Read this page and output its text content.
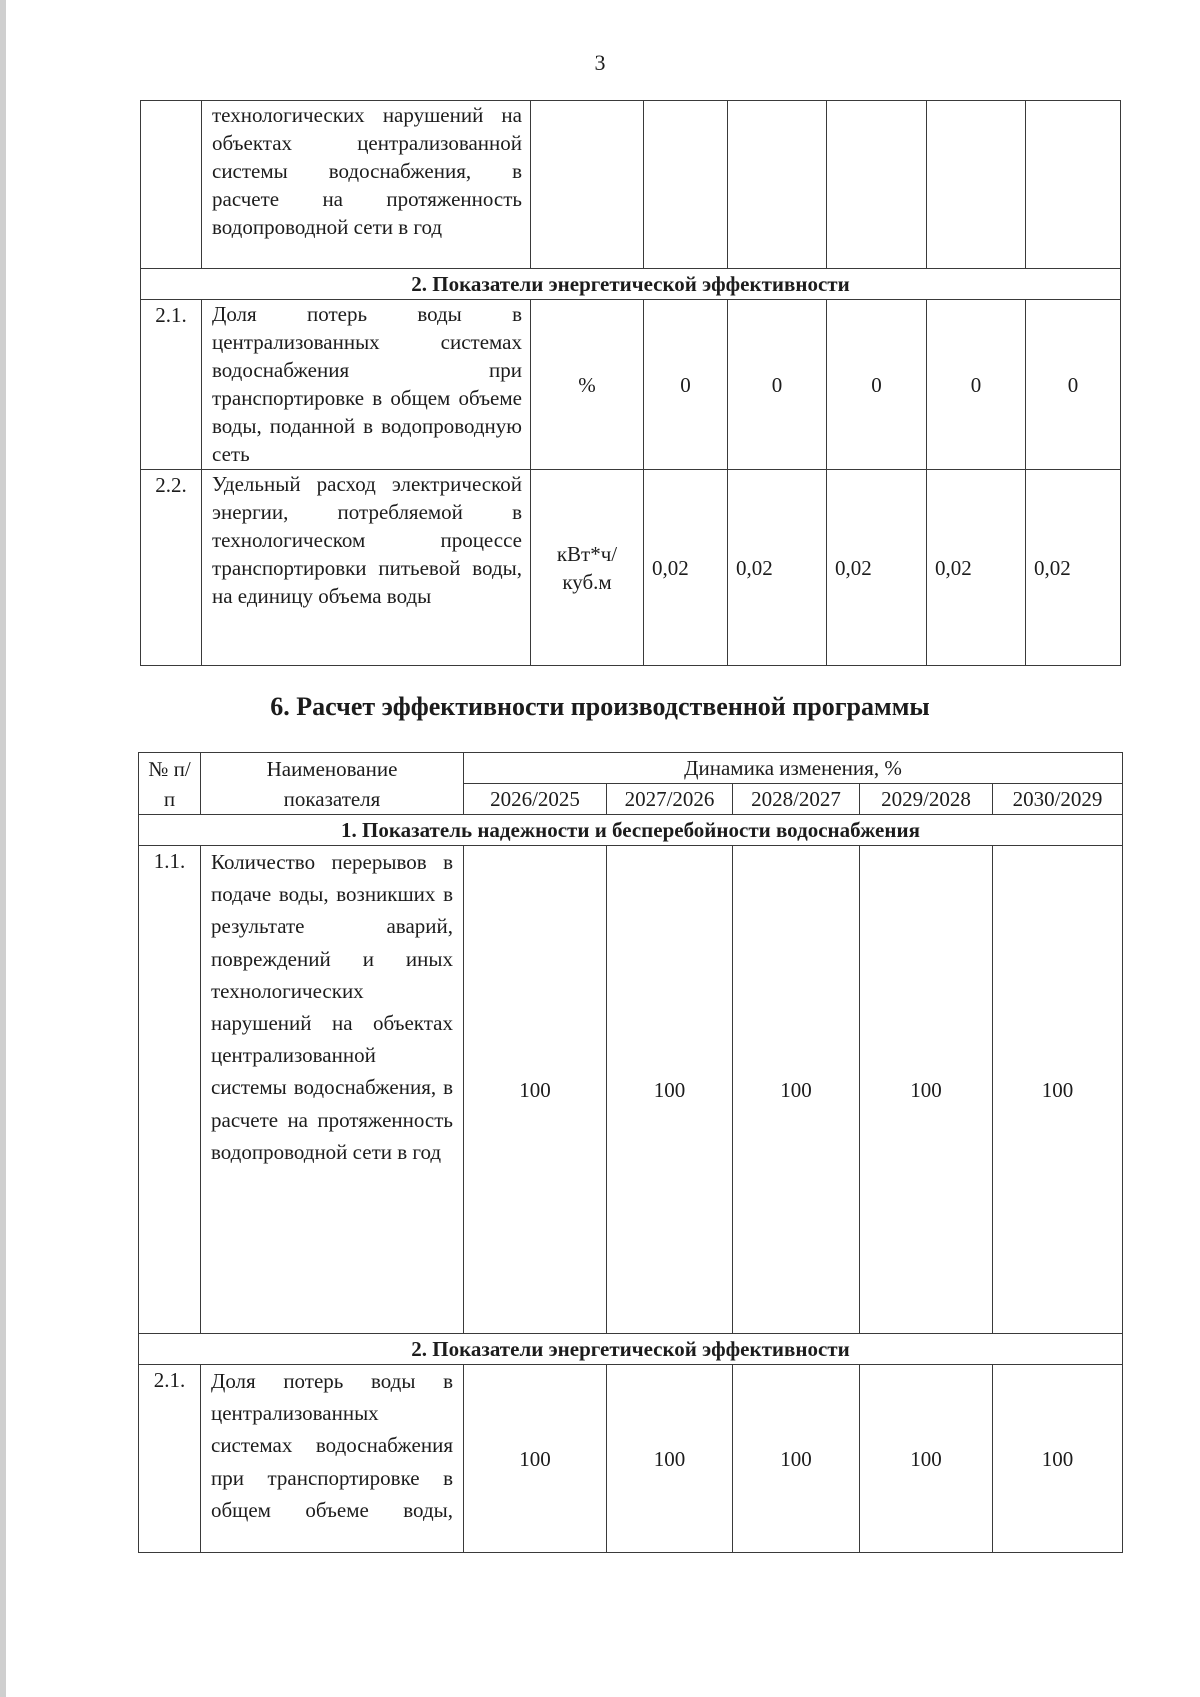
3
	технологических нарушений на объектах централизованной системы водоснабжения, в расчете на протяженность водопроводной сети в год						
2. Показатели энергетической эффективности							
2.1.	Доля потерь воды в централизованных системах водоснабжения при транспортировке в общем объеме воды, поданной в водопроводную сеть	%	0	0	0	0	0
2.2.	Удельный расход электрической энергии, потребляемой в технологическом процессе транспортировки питьевой воды, на единицу объема воды	кВт*ч/ куб.м	0,02	0,02	0,02	0,02	0,02
6. Расчет эффективности производственной программы
№ п/п	Наименование показателя	Динамика изменения, %				
		2026/2025	2027/2026	2028/2027	2029/2028	2030/2029
1. Показатель надежности и бесперебойности водоснабжения						
1.1.	Количество перерывов в подаче воды, возникших в результате аварий, повреждений и иных технологических нарушений на объектах централизованной системы водоснабжения, в расчете на протяженность водопроводной сети в год	100	100	100	100	100
2. Показатели энергетической эффективности						
2.1.	Доля потерь воды в централизованных системах водоснабжения при транспортировке в общем объеме воды,	100	100	100	100	100
